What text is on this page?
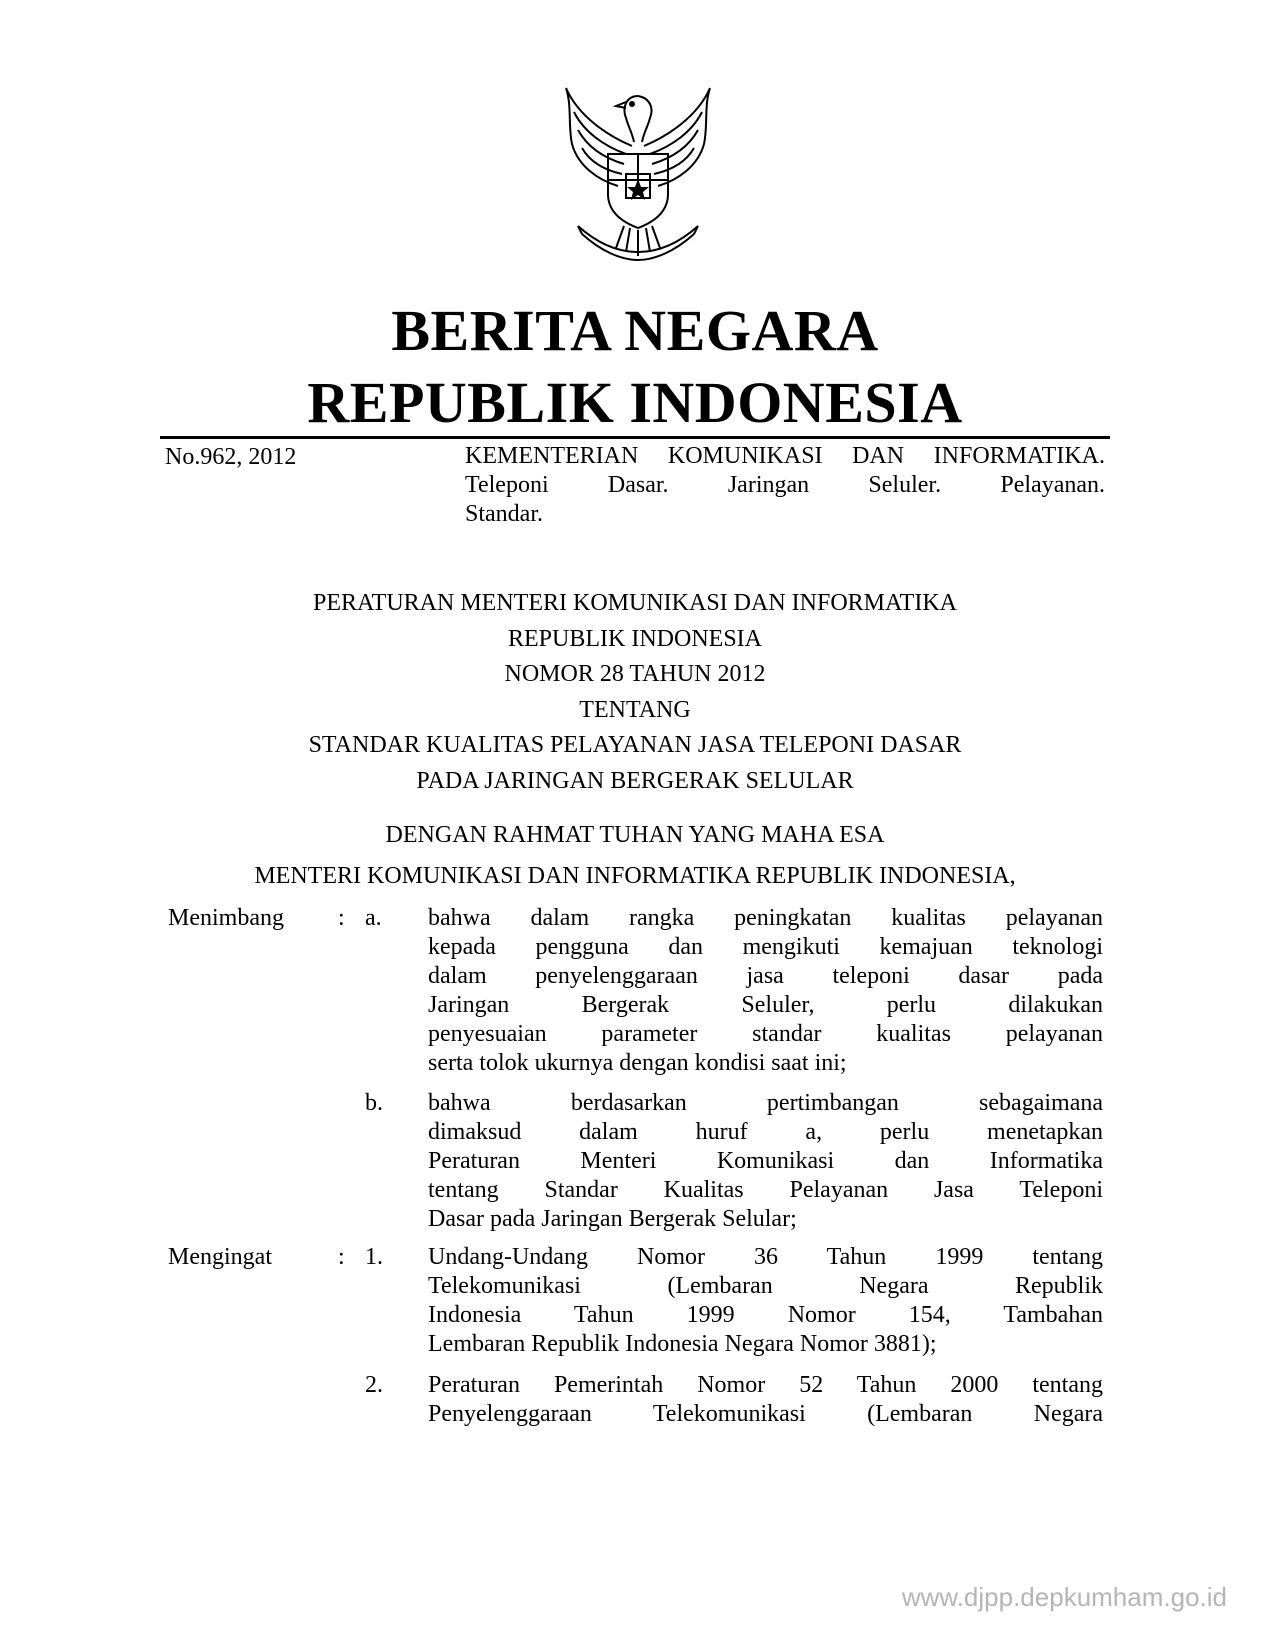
BERITA NEGARA
REPUBLIK INDONESIA
No.962, 2012	KEMENTERIAN KOMUNIKASI DAN INFORMATIKA.
Teleponi Dasar. Jaringan Seluler. Pelayanan.
Standar.
PERATURAN MENTERI KOMUNIKASI DAN INFORMATIKA
REPUBLIK INDONESIA
NOMOR 28 TAHUN 2012
TENTANG
STANDAR KUALITAS PELAYANAN JASA TELEPONI DASAR
PADA JARINGAN BERGERAK SELULAR
DENGAN RAHMAT TUHAN YANG MAHA ESA
MENTERI KOMUNIKASI DAN INFORMATIKA REPUBLIK INDONESIA,
Menimbang : a. bahwa dalam rangka peningkatan kualitas pelayanan
kepada pengguna dan mengikuti kemajuan teknologi
dalam penyelenggaraan jasa teleponi dasar pada
Jaringan Bergerak Seluler, perlu dilakukan
penyesuaian parameter standar kualitas pelayanan
serta tolok ukurnya dengan kondisi saat ini;
b. bahwa berdasarkan pertimbangan sebagaimana
dimaksud dalam huruf a, perlu menetapkan
Peraturan Menteri Komunikasi dan Informatika
tentang Standar Kualitas Pelayanan Jasa Teleponi
Dasar pada Jaringan Bergerak Selular;
Mengingat	: 1. Undang-Undang Nomor 36 Tahun 1999 tentang
Telekomunikasi (Lembaran Negara Republik
Indonesia Tahun 1999 Nomor 154, Tambahan
Lembaran Republik Indonesia Negara Nomor 3881);
2. Peraturan Pemerintah Nomor 52 Tahun 2000 tentang
Penyelenggaraan Telekomunikasi (Lembaran Negara
www.djpp.depkumham.go.id
